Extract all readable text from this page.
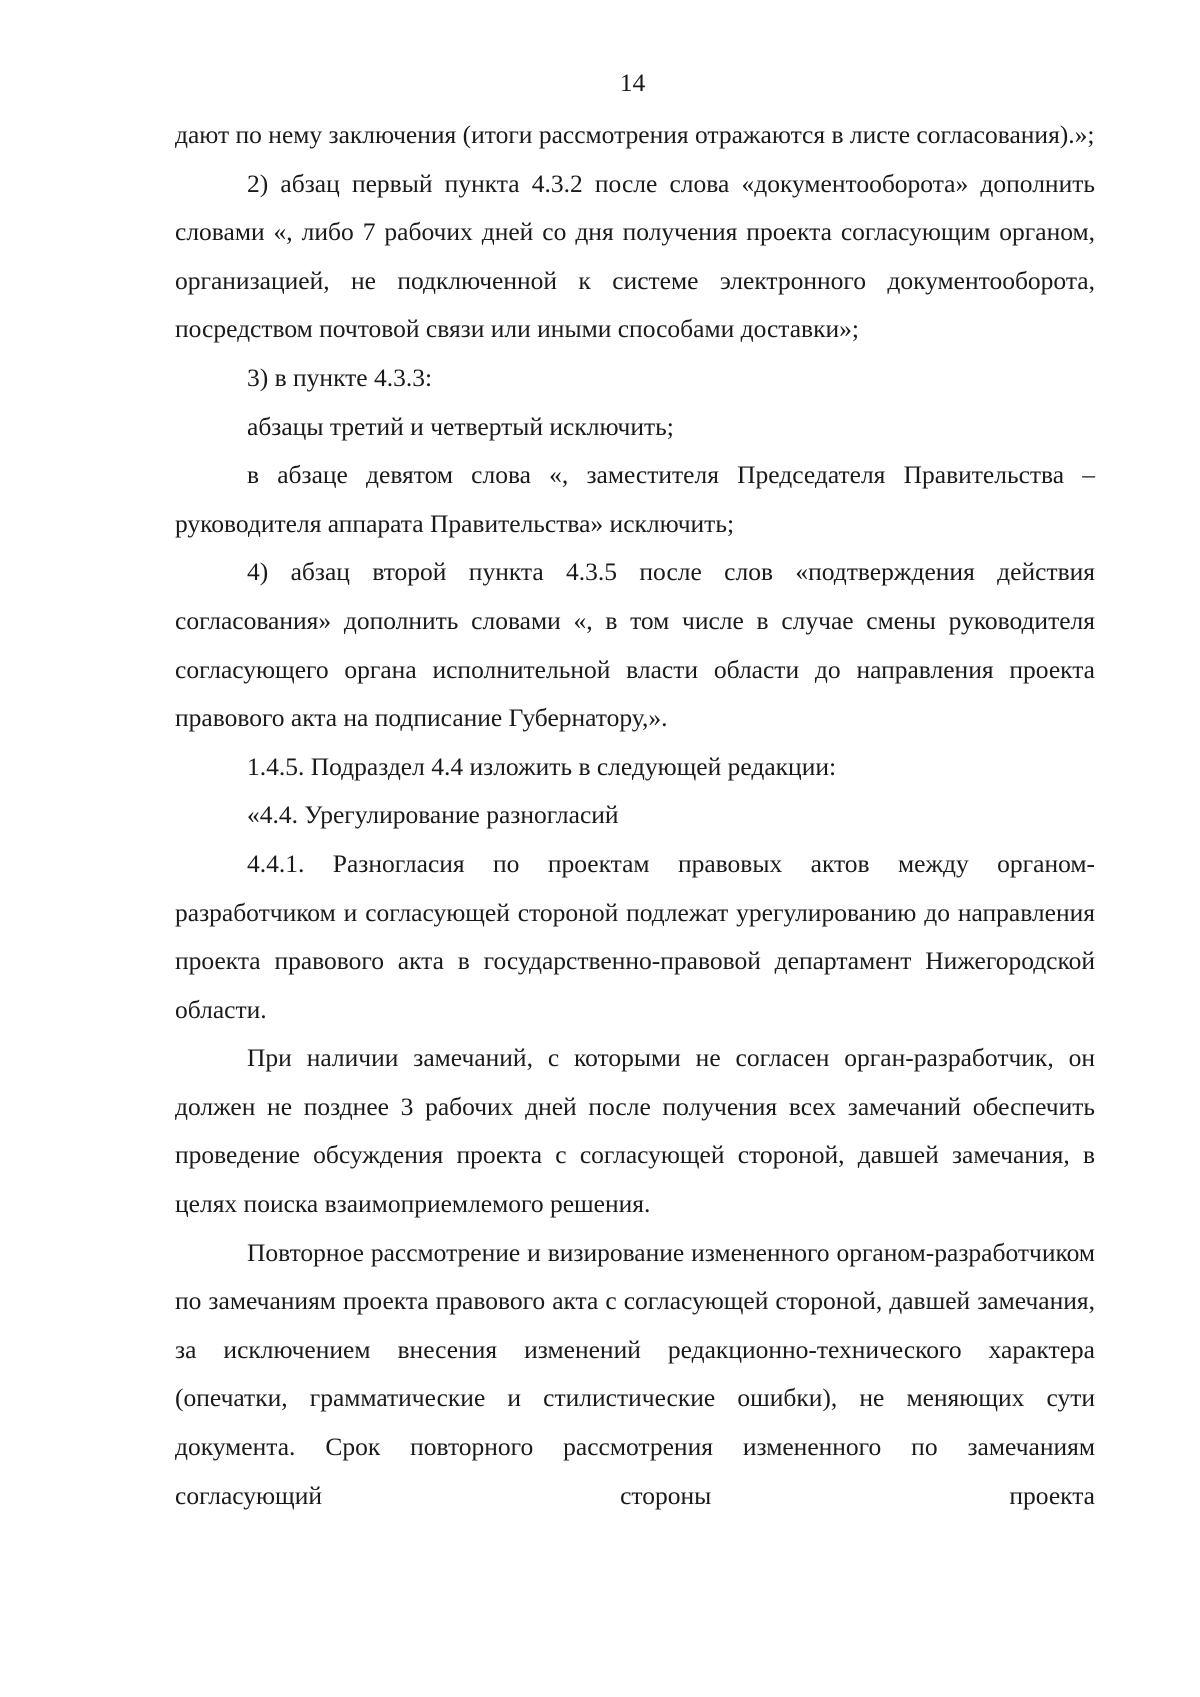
14

дают по нему заключения (итоги рассмотрения отражаются в листе согласования).»;

2) абзац первый пункта 4.3.2 после слова «документооборота» дополнить словами «, либо 7 рабочих дней со дня получения проекта согласующим органом, организацией, не подключенной к системе электронного документооборота, посредством почтовой связи или иными способами доставки»;

3) в пункте 4.3.3:

абзацы третий и четвертый исключить;

в абзаце девятом слова «, заместителя Председателя Правительства – руководителя аппарата Правительства» исключить;

4) абзац второй пункта 4.3.5 после слов «подтверждения действия согласования» дополнить словами «, в том числе в случае смены руководителя согласующего органа исполнительной власти области до направления проекта правового акта на подписание Губернатору,».

1.4.5. Подраздел 4.4 изложить в следующей редакции:

«4.4. Урегулирование разногласий

4.4.1. Разногласия по проектам правовых актов между органом-разработчиком и согласующей стороной подлежат урегулированию до направления проекта правового акта в государственно-правовой департамент Нижегородской области.

При наличии замечаний, с которыми не согласен орган-разработчик, он должен не позднее 3 рабочих дней после получения всех замечаний обеспечить проведение обсуждения проекта с согласующей стороной, давшей замечания, в целях поиска взаимоприемлемого решения.

Повторное рассмотрение и визирование измененного органом-разработчиком по замечаниям проекта правового акта с согласующей стороной, давшей замечания, за исключением внесения изменений редакционно-технического характера (опечатки, грамматические и стилистические ошибки), не меняющих сути документа. Срок повторного рассмотрения измененного по замечаниям согласующий стороны проекта
